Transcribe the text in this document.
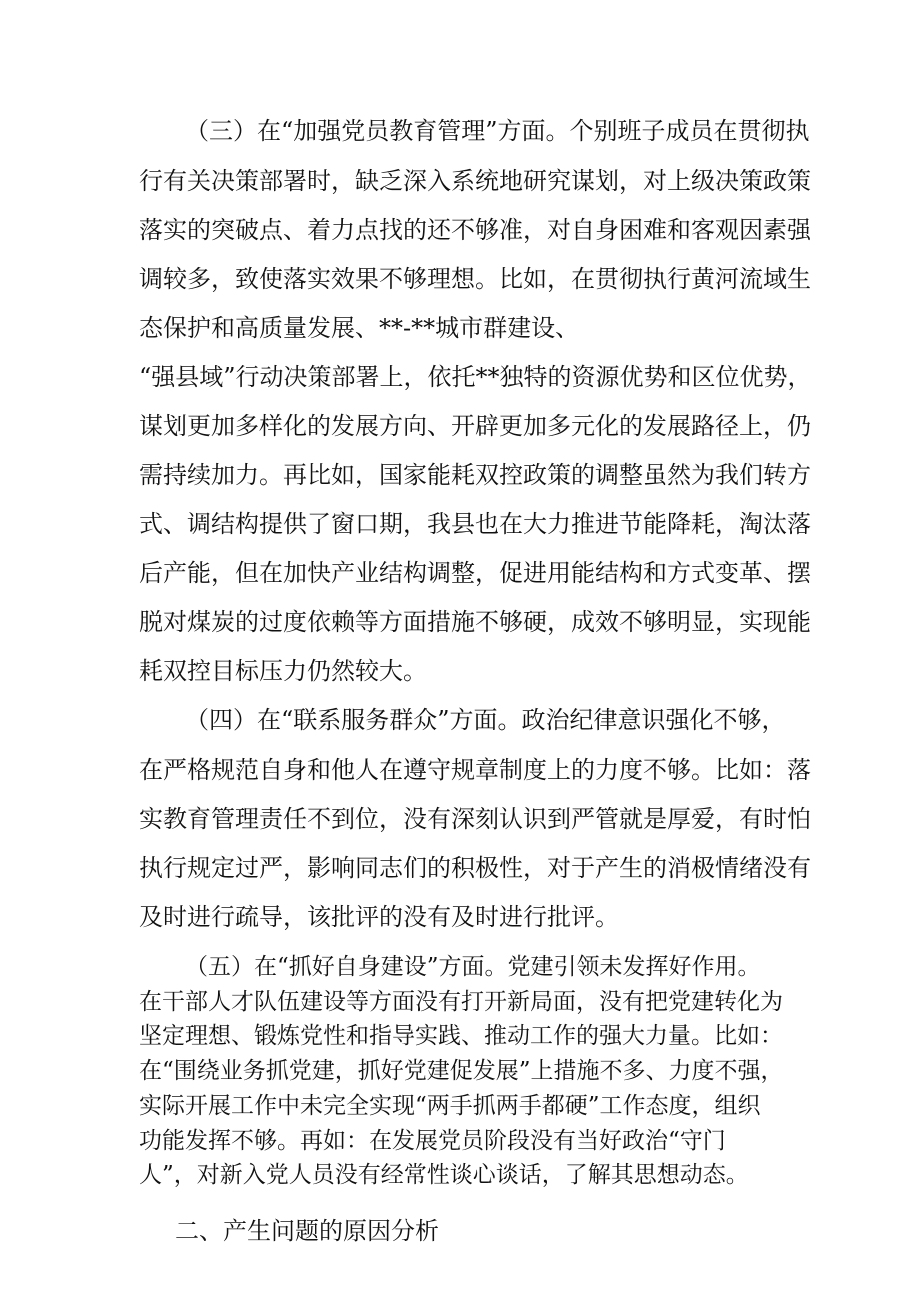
（三）在“加强党员教育管理”方面。个别班子成员在贯彻执
行有关决策部署时，缺乏深入系统地研究谋划，对上级决策政策
落实的突破点、着力点找的还不够准，对自身困难和客观因素强
调较多，致使落实效果不够理想。比如，在贯彻执行黄河流域生
态保护和高质量发展、**-**城市群建设、
“强县域”行动决策部署上，依托**独特的资源优势和区位优势，
谋划更加多样化的发展方向、开辟更加多元化的发展路径上，仍
需持续加力。再比如，国家能耗双控政策的调整虽然为我们转方
式、调结构提供了窗口期，我县也在大力推进节能降耗，淘汰落
后产能，但在加快产业结构调整，促进用能结构和方式变革、摆
脱对煤炭的过度依赖等方面措施不够硬，成效不够明显，实现能
耗双控目标压力仍然较大。
（四）在“联系服务群众”方面。政治纪律意识强化不够，
在严格规范自身和他人在遵守规章制度上的力度不够。比如：落
实教育管理责任不到位，没有深刻认识到严管就是厚爱，有时怕
执行规定过严，影响同志们的积极性，对于产生的消极情绪没有
及时进行疏导，该批评的没有及时进行批评。
（五）在“抓好自身建设”方面。党建引领未发挥好作用。
在干部人才队伍建设等方面没有打开新局面，没有把党建转化为
坚定理想、锻炼党性和指导实践、推动工作的强大力量。比如：
在“围绕业务抓党建，抓好党建促发展”上措施不多、力度不强，
实际开展工作中未完全实现“两手抓两手都硬”工作态度，组织
功能发挥不够。再如：在发展党员阶段没有当好政治“守门
人”，对新入党人员没有经常性谈心谈话，了解其思想动态。
二、产生问题的原因分析
